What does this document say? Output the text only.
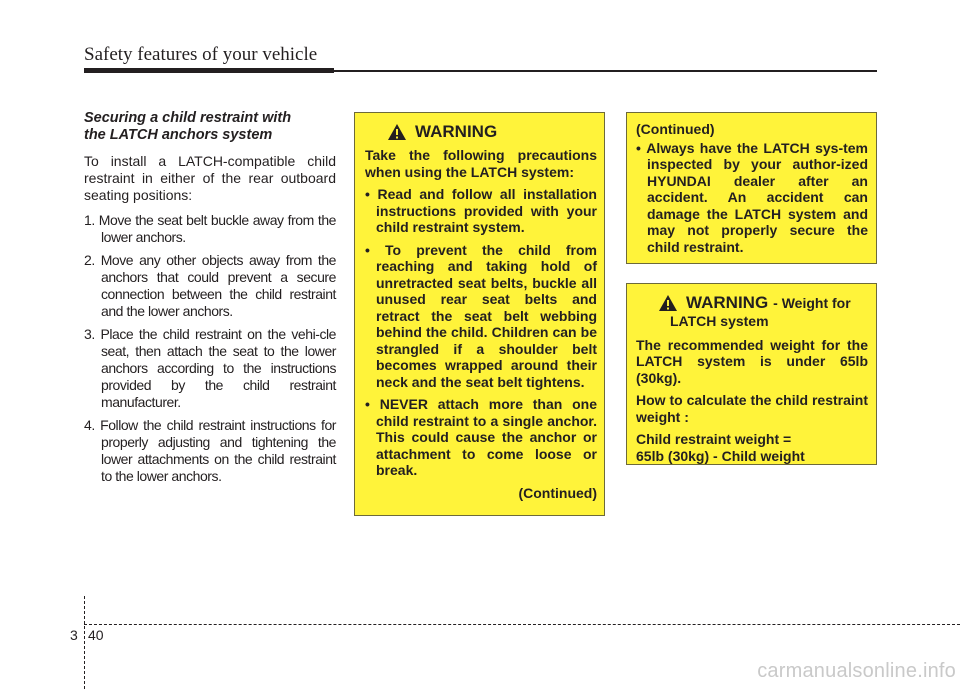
Safety features of your vehicle
Securing a child restraint with
the LATCH anchors system

To install a LATCH-compatible child restraint in either of the rear outboard seating positions:

1. Move the seat belt buckle away from the lower anchors.
2. Move any other objects away from the anchors that could prevent a secure connection between the child restraint and the lower anchors.
3. Place the child restraint on the vehi-cle seat, then attach the seat to the lower anchors according to the instructions provided by the child restraint manufacturer.
4. Follow the child restraint instructions for properly adjusting and tightening the lower attachments on the child restraint to the lower anchors.
WARNING

Take the following precautions when using the LATCH system:

• Read and follow all installation instructions provided with your child restraint system.
• To prevent the child from reaching and taking hold of unretracted seat belts, buckle all unused rear seat belts and retract the seat belt webbing behind the child. Children can be strangled if a shoulder belt becomes wrapped around their neck and the seat belt tightens.
• NEVER attach more than one child restraint to a single anchor. This could cause the anchor or attachment to come loose or break.
(Continued)
(Continued)
• Always have the LATCH sys-tem inspected by your author-ized HYUNDAI dealer after an accident. An accident can damage the LATCH system and may not properly secure the child restraint.
WARNING - Weight for
LATCH system

The recommended weight for the LATCH system is under 65lb (30kg).

How to calculate the child restraint weight :

Child restraint weight =
65lb (30kg) - Child weight

3 40
carmanualsonline.info
